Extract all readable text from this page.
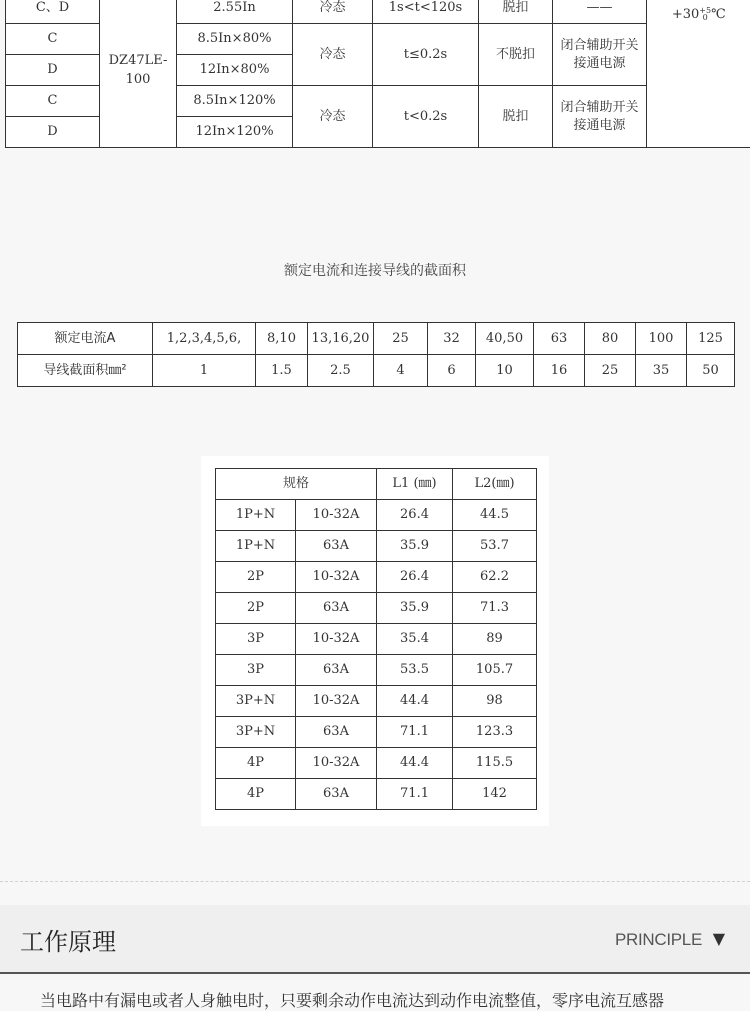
C、D	DZ47LE-100	2.55In	冷态	1s<t<120s	脱扣	——	+30 +5
0 ℃
C		8.5In×80%	冷态	t≤0.2s	不脱扣	闭合辅助开关接通电源	
D		12In×80%					
C		8.5In×120%	冷态	t<0.2s	脱扣	闭合辅助开关接通电源	
D		12In×120%					
额定电流和连接导线的截面积
额定电流A	1,2,3,4,5,6,	8,10	13,16,20	25	32	40,50	63	80	100	125
导线截面积㎜²	1	1.5	2.5	4	6	10	16	25	35	50
规格		L1 (㎜)	L2(㎜)
1P+N	10-32A	26.4	44.5
1P+N	63A	35.9	53.7
2P	10-32A	26.4	62.2
2P	63A	35.9	71.3
3P	10-32A	35.4	89
3P	63A	53.5	105.7
3P+N	10-32A	44.4	98
3P+N	63A	71.1	123.3
4P	10-32A	44.4	115.5
4P	63A	71.1	142
工作原理	PRINCIPLE ▼
当电路中有漏电或者人身触电时，只要剩余动作电流达到动作电流整值，零序电流互感器
